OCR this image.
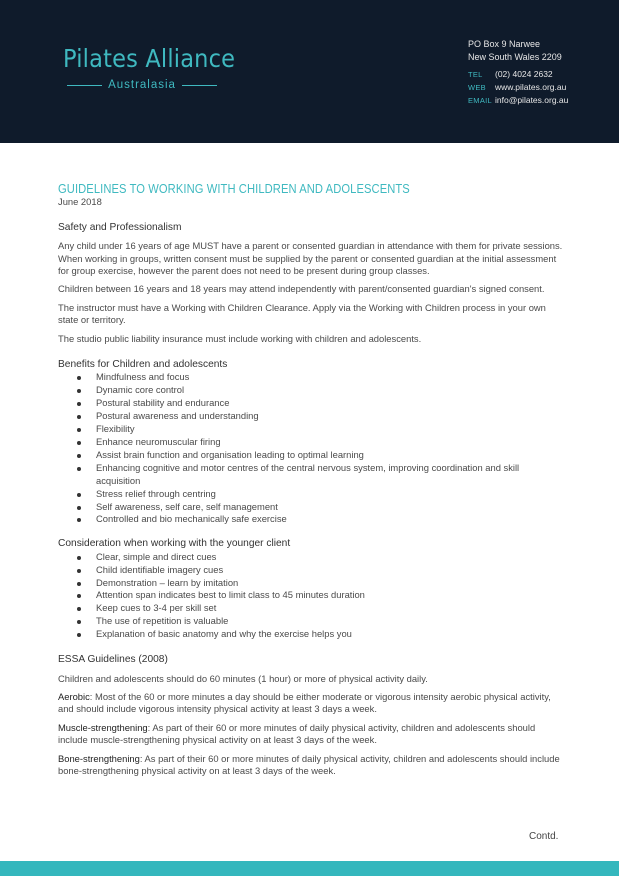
Pilates Alliance
Australasia
PO Box 9 Narwee
New South Wales 2209
TEL	(02) 4024 2632
WEB	www.pilates.org.au
EMAIL info@pilates.org.au
GUIDELINES TO WORKING WITH CHILDREN AND ADOLESCENTS
June 2018
Safety and Professionalism

Any child under 16 years of age MUST have a parent or consented guardian in attendance with them for private sessions. When working in groups, written consent must be supplied by the parent or consented guardian at the initial assessment for group exercise, however the parent does not need to be present during group classes.

Children between 16 years and 18 years may attend independently with parent/consented guardian's signed consent.

The instructor must have a Working with Children Clearance. Apply via the Working with Children process in your own state or territory.

The studio public liability insurance must include working with children and adolescents.

Benefits for Children and adolescents
Mindfulness and focus
Dynamic core control
Postural stability and endurance
Postural awareness and understanding
Flexibility
Enhance neuromuscular firing
Assist brain function and organisation leading to optimal learning
Enhancing cognitive and motor centres of the central nervous system, improving coordination and skill acquisition
Stress relief through centring
Self awareness, self care, self management
Controlled and bio mechanically safe exercise
Consideration when working with the younger client
Clear, simple and direct cues
Child identifiable imagery cues
Demonstration – learn by imitation
Attention span indicates best to limit class to 45 minutes duration
Keep cues to 3-4 per skill set
The use of repetition is valuable
Explanation of basic anatomy and why the exercise helps you
ESSA Guidelines (2008)

Children and adolescents should do 60 minutes (1 hour) or more of physical activity daily.

Aerobic: Most of the 60 or more minutes a day should be either moderate or vigorous intensity aerobic physical activity, and should include vigorous intensity physical activity at least 3 days a week.

Muscle-strengthening: As part of their 60 or more minutes of daily physical activity, children and adolescents should include muscle-strengthening physical activity on at least 3 days of the week.

Bone-strengthening: As part of their 60 or more minutes of daily physical activity, children and adolescents should include bone-strengthening physical activity on at least 3 days of the week.

Contd.
